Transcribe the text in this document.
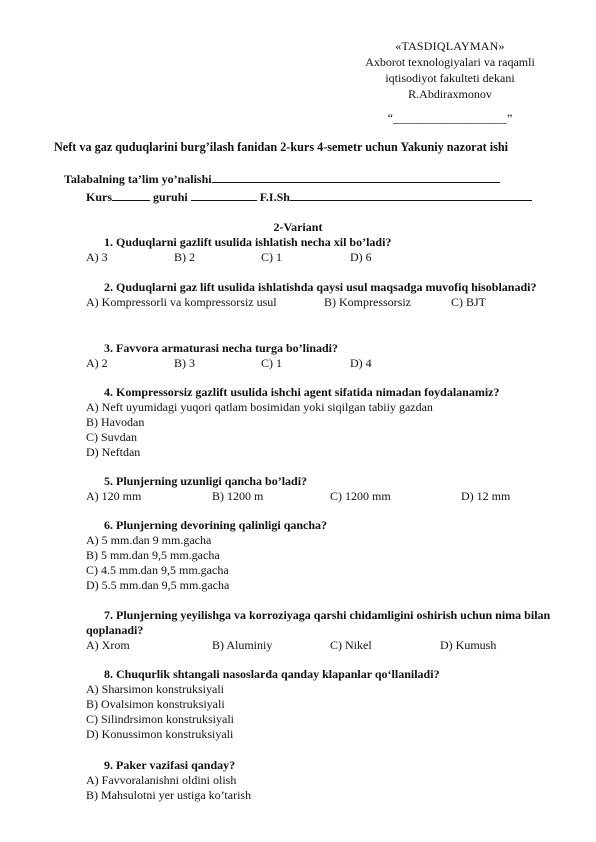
«TASDIQLAYMAN»
Axborot texnologiyalari va raqamli
iqtisodiyot fakulteti dekani
R.Abdiraxmonov
“___________________”
Neft va gaz quduqlarini burg’ilash fanidan 2-kurs 4-semetr uchun Yakuniy nazorat ishi
Talabalning ta’lim yo’nalishi
Kurs	guruhi	F.I.Sh
2-Variant
1. Quduqlarni gazlift usulida ishlatish necha xil bo’ladi?
A) 3	B) 2	C) 1	D) 6
2. Quduqlarni gaz lift usulida ishlatishda qaysi usul maqsadga muvofiq hisoblanadi?
A) Kompressorli va kompressorsiz usul	B) Kompressorsiz	C) BJT
3. Favvora armaturasi necha turga bo’linadi?
A) 2	B) 3	C) 1	D) 4
4. Kompressorsiz gazlift usulida ishchi agent sifatida nimadan foydalanamiz?
A) Neft uyumidagi yuqori qatlam bosimidan yoki siqilgan tabiiy gazdan
B) Havodan
C) Suvdan
D) Neftdan
5. Plunjerning uzunligi qancha bo’ladi?
A) 120 mm	B) 1200 m	C) 1200 mm	D) 12 mm
6. Plunjerning devorining qalinligi qancha?
A) 5 mm.dan 9 mm.gacha
B) 5 mm.dan 9,5 mm.gacha
C) 4.5 mm.dan 9,5 mm.gacha
D) 5.5 mm.dan 9,5 mm.gacha
7. Plunjerning yeyilishga va korroziyaga qarshi chidamligini oshirish uchun nima bilan qoplanadi?
A) Xrom	B) Aluminiy	C) Nikel	D) Kumush
8. Chuqurlik shtangali nasoslarda qanday klapanlar qo‘llaniladi?
A) Sharsimon konstruksiyali
B) Ovalsimon konstruksiyali
C) Silindrsimon konstruksiyali
D) Konussimon konstruksiyali
9. Paker vazifasi qanday?
A) Favvoralanishni oldini olish
B) Mahsulotni yer ustiga ko’tarish
